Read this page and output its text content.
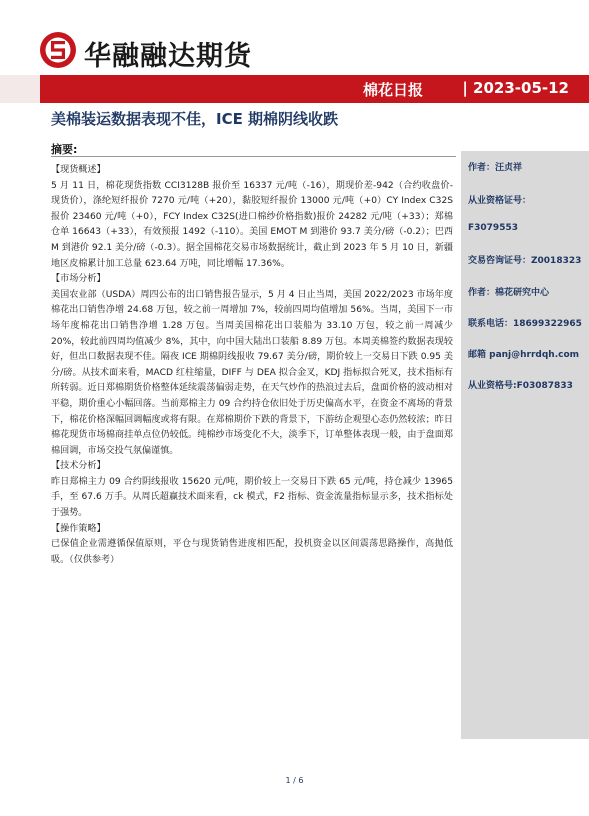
华融融达期货
棉花日报	| 2023-05-12
美棉装运数据表现不佳，ICE 期棉阴线收跌
摘要:

【现货概述】

5 月 11 日，棉花现货指数 CCI3128B 报价至 16337 元/吨（-16），期现价差-942（合约收盘价-现货价），涤纶短纤报价 7270 元/吨（+20），黏胶短纤报价 13000 元/吨（+0）CY Index C32S 报价 23460 元/吨（+0），FCY Index C32S(进口棉纱价格指数)报价 24282 元/吨（+33）；郑棉仓单 16643（+33），有效预报 1492（-110）。美国 EMOT M 到港价 93.7 美分/磅（-0.2）；巴西 M 到港价 92.1 美分/磅（-0.3）。据全国棉花交易市场数据统计，截止到 2023 年 5 月 10 日，新疆地区皮棉累计加工总量 623.64 万吨，同比增幅 17.36%。

【市场分析】

美国农业部（USDA）周四公布的出口销售报告显示，5 月 4 日止当周，美国 2022/2023 市场年度棉花出口销售净增 24.68 万包，较之前一周增加 7%，较前四周均值增加 56%。当周，美国下一市场年度棉花出口销售净增 1.28 万包。当周美国棉花出口装船为 33.10 万包，较之前一周减少 20%，较此前四周均值减少 8%，其中，向中国大陆出口装船 8.89 万包。本周美棉签约数据表现较好，但出口数据表现不佳。隔夜 ICE 期棉阴线报收 79.67 美分/磅，期价较上一交易日下跌 0.95 美分/磅。从技术面来看，MACD 红柱缩量，DIFF 与 DEA 拟合金叉，KDJ 指标拟合死叉，技术指标有所转弱。近日郑棉期货价格整体延续震荡偏弱走势，在天气炒作的热浪过去后，盘面价格的波动相对平稳，期价重心小幅回落。当前郑棉主力 09 合约持仓依旧处于历史偏高水平，在资金不离场的背景下，棉花价格深幅回调幅度或将有限。在郑棉期价下跌的背景下，下游纺企观望心态仍然较浓；昨日棉花现货市场棉商挂单点位仍较低。纯棉纱市场变化不大，淡季下，订单整体表现一般，由于盘面郑棉回调，市场交投气氛偏谨慎。

【技术分析】

昨日郑棉主力 09 合约阴线报收 15620 元/吨，期价较上一交易日下跌 65 元/吨，持仓减少 13965 手，至 67.6 万手。从周氏超赢技术面来看，ck 模式，F2 指标、资金流量指标显示多，技术指标处于强势。

【操作策略】

已保值企业需遵循保值原则，平仓与现货销售进度相匹配，投机资金以区间震荡思路操作，高抛低吸。（仅供参考）

作者：汪贞祥
从业资格证号：
F3079553
交易咨询证号：Z0018323
作者：棉花研究中心
联系电话：18699322965
邮箱 panj@hrrdqh.com
从业资格号:F03087833
1 / 6
